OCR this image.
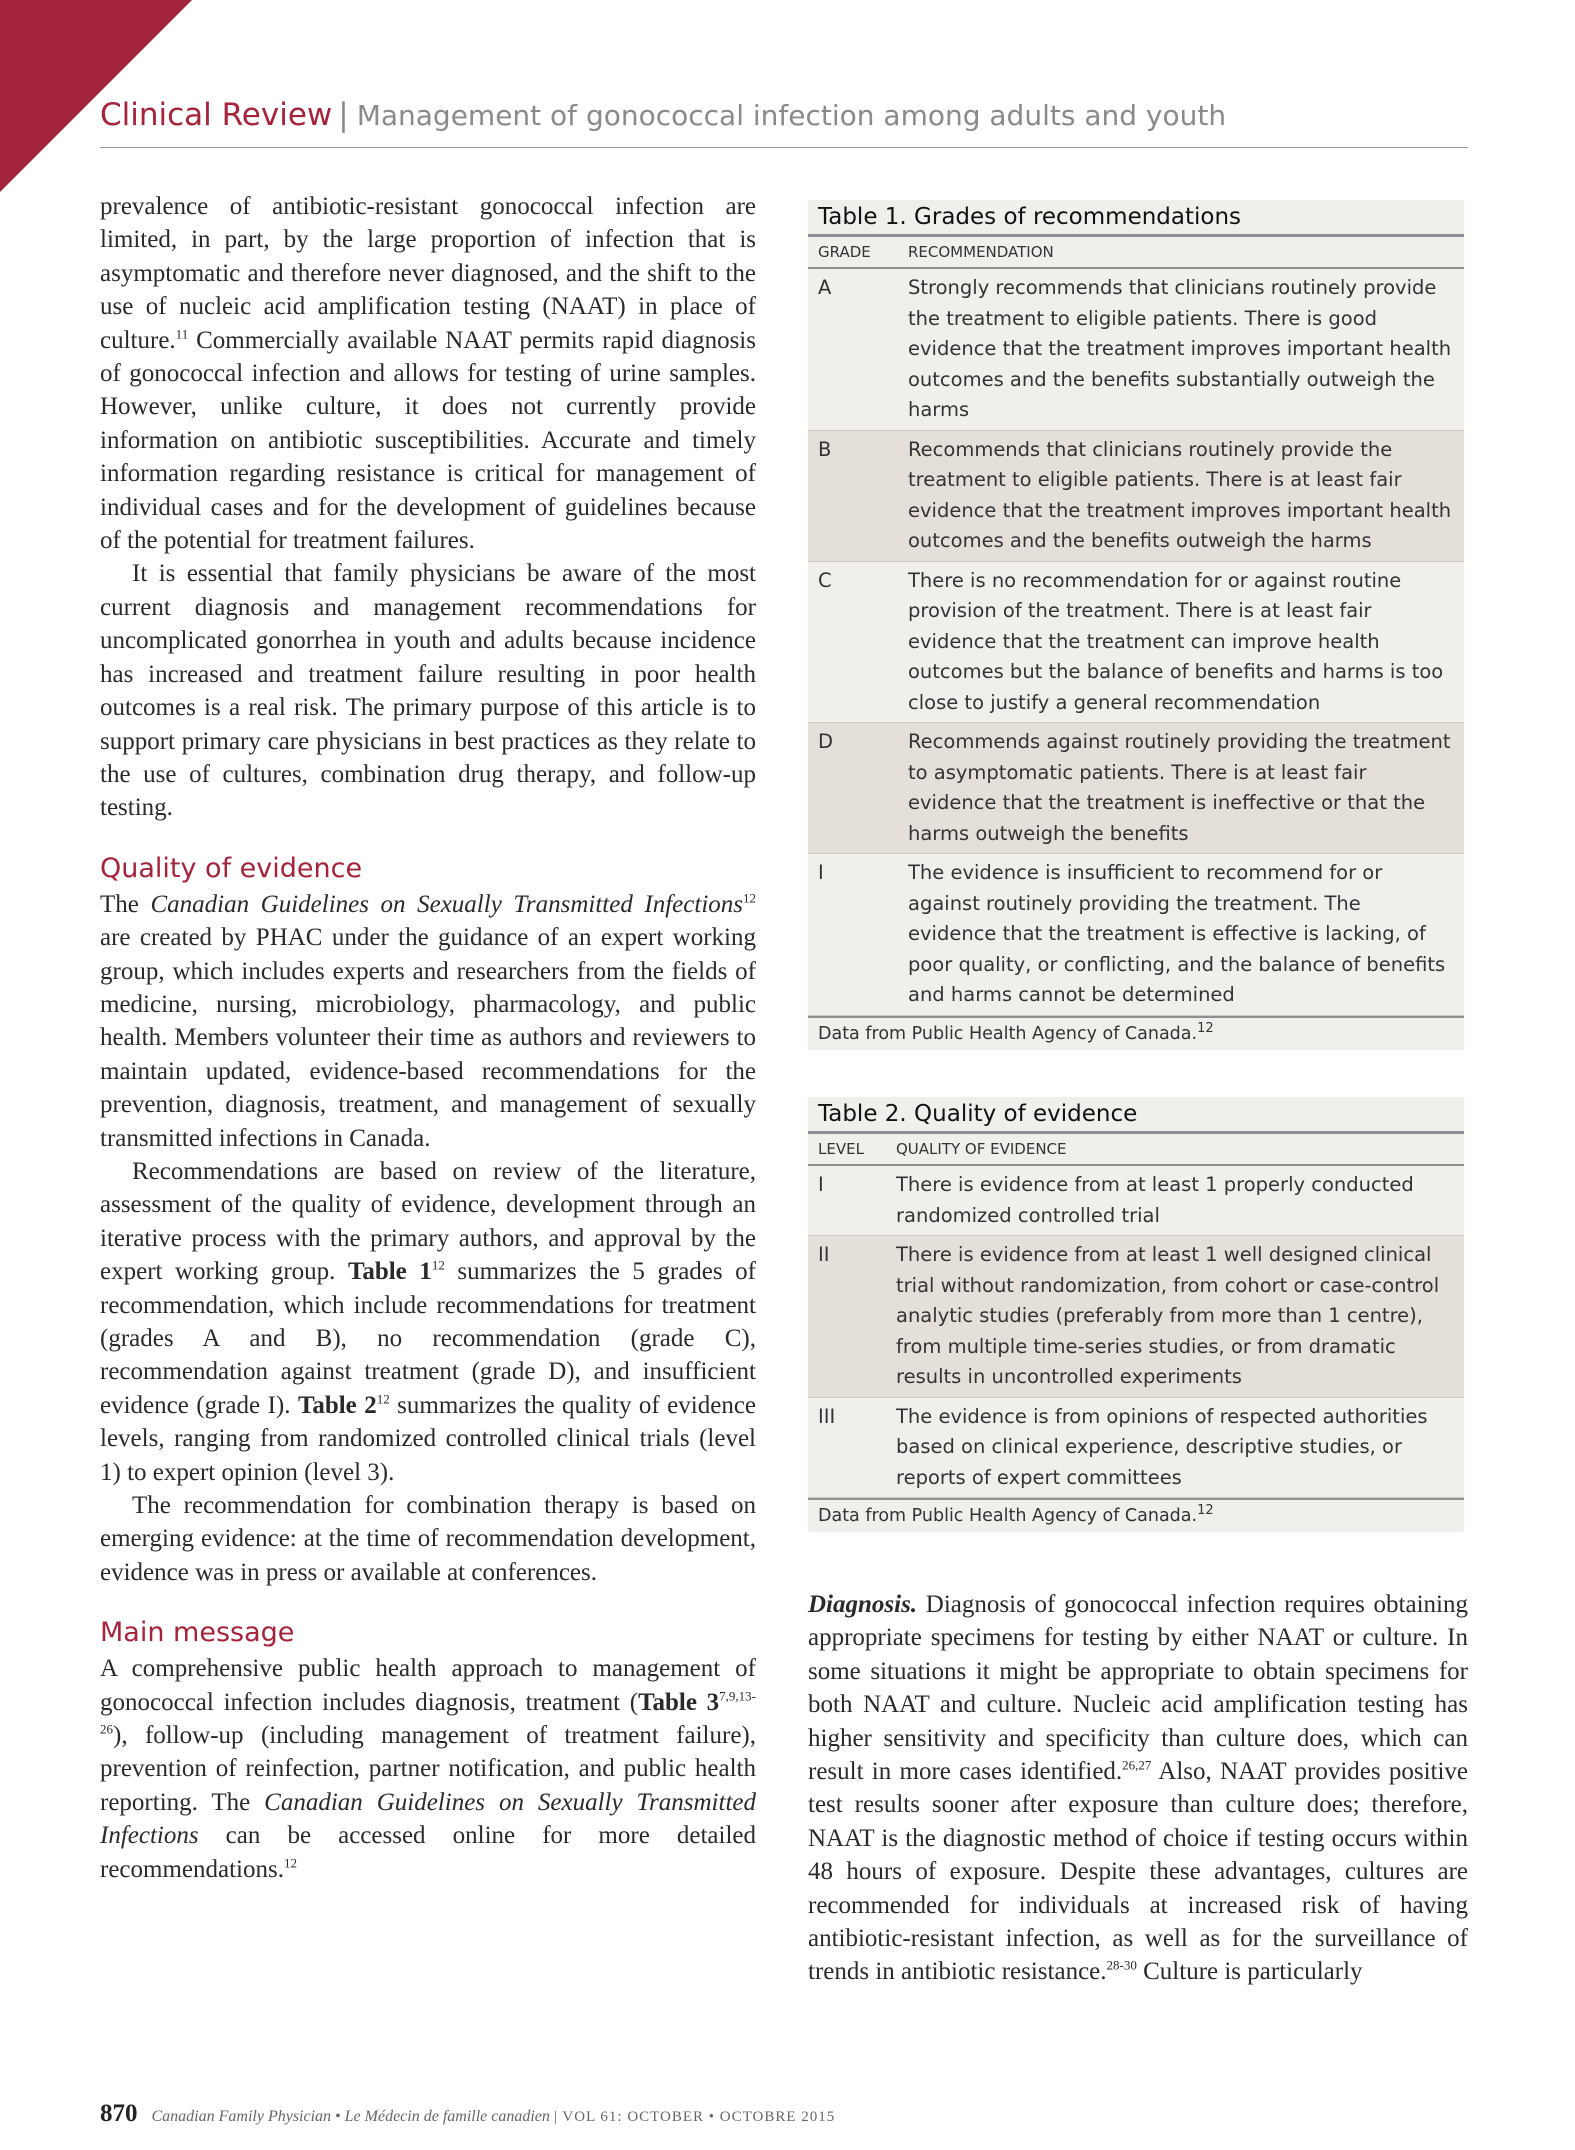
Clinical Review | Management of gonococcal infection among adults and youth

prevalence of antibiotic-resistant gonococcal infection are limited, in part, by the large proportion of infection that is asymptomatic and therefore never diagnosed, and the shift to the use of nucleic acid amplification testing (NAAT) in place of culture.$^{11}$ Commercially available NAAT permits rapid diagnosis of gonococcal infection and allows for testing of urine samples. However, unlike culture, it does not currently provide information on antibiotic susceptibilities. Accurate and timely information regarding resistance is critical for management of individual cases and for the development of guidelines because of the potential for treatment failures.

It is essential that family physicians be aware of the most current diagnosis and management recommendations for uncomplicated gonorrhea in youth and adults because incidence has increased and treatment failure resulting in poor health outcomes is a real risk. The primary purpose of this article is to support primary care physicians in best practices as they relate to the use of cultures, combination drug therapy, and follow-up testing.

Quality of evidence

The Canadian Guidelines on Sexually Transmitted Infections$^{12}$ are created by PHAC under the guidance of an expert working group, which includes experts and researchers from the fields of medicine, nursing, microbiology, pharmacology, and public health. Members volunteer their time as authors and reviewers to maintain updated, evidence-based recommendations for the prevention, diagnosis, treatment, and management of sexually transmitted infections in Canada.

Recommendations are based on review of the literature, assessment of the quality of evidence, development through an iterative process with the primary authors, and approval by the expert working group. Table 1$^{12}$ summarizes the 5 grades of recommendation, which include recommendations for treatment (grades A and B), no recommendation (grade C), recommendation against treatment (grade D), and insufficient evidence (grade I). Table 2$^{12}$ summarizes the quality of evidence levels, ranging from randomized controlled clinical trials (level 1) to expert opinion (level 3).

The recommendation for combination therapy is based on emerging evidence: at the time of recommendation development, evidence was in press or available at conferences.

Main message

A comprehensive public health approach to management of gonococcal infection includes diagnosis, treatment (Table 3$^{7,9,13-26}$), follow-up (including management of treatment failure), prevention of reinfection, partner notification, and public health reporting. The Canadian Guidelines on Sexually Transmitted Infections can be accessed online for more detailed recommendations.$^{12}$

Table 1. Grades of recommendations
GRADE	RECOMMENDATION
A	Strongly recommends that clinicians routinely provide the treatment to eligible patients. There is good evidence that the treatment improves important health outcomes and the benefits substantially outweigh the harms
B	Recommends that clinicians routinely provide the treatment to eligible patients. There is at least fair evidence that the treatment improves important health outcomes and the benefits outweigh the harms
C	There is no recommendation for or against routine provision of the treatment. There is at least fair evidence that the treatment can improve health outcomes but the balance of benefits and harms is too close to justify a general recommendation
D	Recommends against routinely providing the treatment to asymptomatic patients. There is at least fair evidence that the treatment is ineffective or that the harms outweigh the benefits
I	The evidence is insufficient to recommend for or against routinely providing the treatment. The evidence that the treatment is effective is lacking, of poor quality, or conflicting, and the balance of benefits and harms cannot be determined
Data from Public Health Agency of Canada.$^{12}$
Table 2. Quality of evidence
LEVEL	QUALITY OF EVIDENCE
I	There is evidence from at least 1 properly conducted randomized controlled trial
II	There is evidence from at least 1 well designed clinical trial without randomization, from cohort or case-control analytic studies (preferably from more than 1 centre), from multiple time-series studies, or from dramatic results in uncontrolled experiments
III	The evidence is from opinions of respected authorities based on clinical experience, descriptive studies, or reports of expert committees
Data from Public Health Agency of Canada.$^{12}$

Diagnosis. Diagnosis of gonococcal infection requires obtaining appropriate specimens for testing by either NAAT or culture. In some situations it might be appropriate to obtain specimens for both NAAT and culture. Nucleic acid amplification testing has higher sensitivity and specificity than culture does, which can result in more cases identified.$^{26,27}$ Also, NAAT provides positive test results sooner after exposure than culture does; therefore, NAAT is the diagnostic method of choice if testing occurs within 48 hours of exposure. Despite these advantages, cultures are recommended for individuals at increased risk of having antibiotic-resistant infection, as well as for the surveillance of trends in antibiotic resistance.$^{28-30}$ Culture is particularly

870 Canadian Family Physician • Le Médecin de famille canadien | VOL 61: OCTOBER • OCTOBRE 2015
